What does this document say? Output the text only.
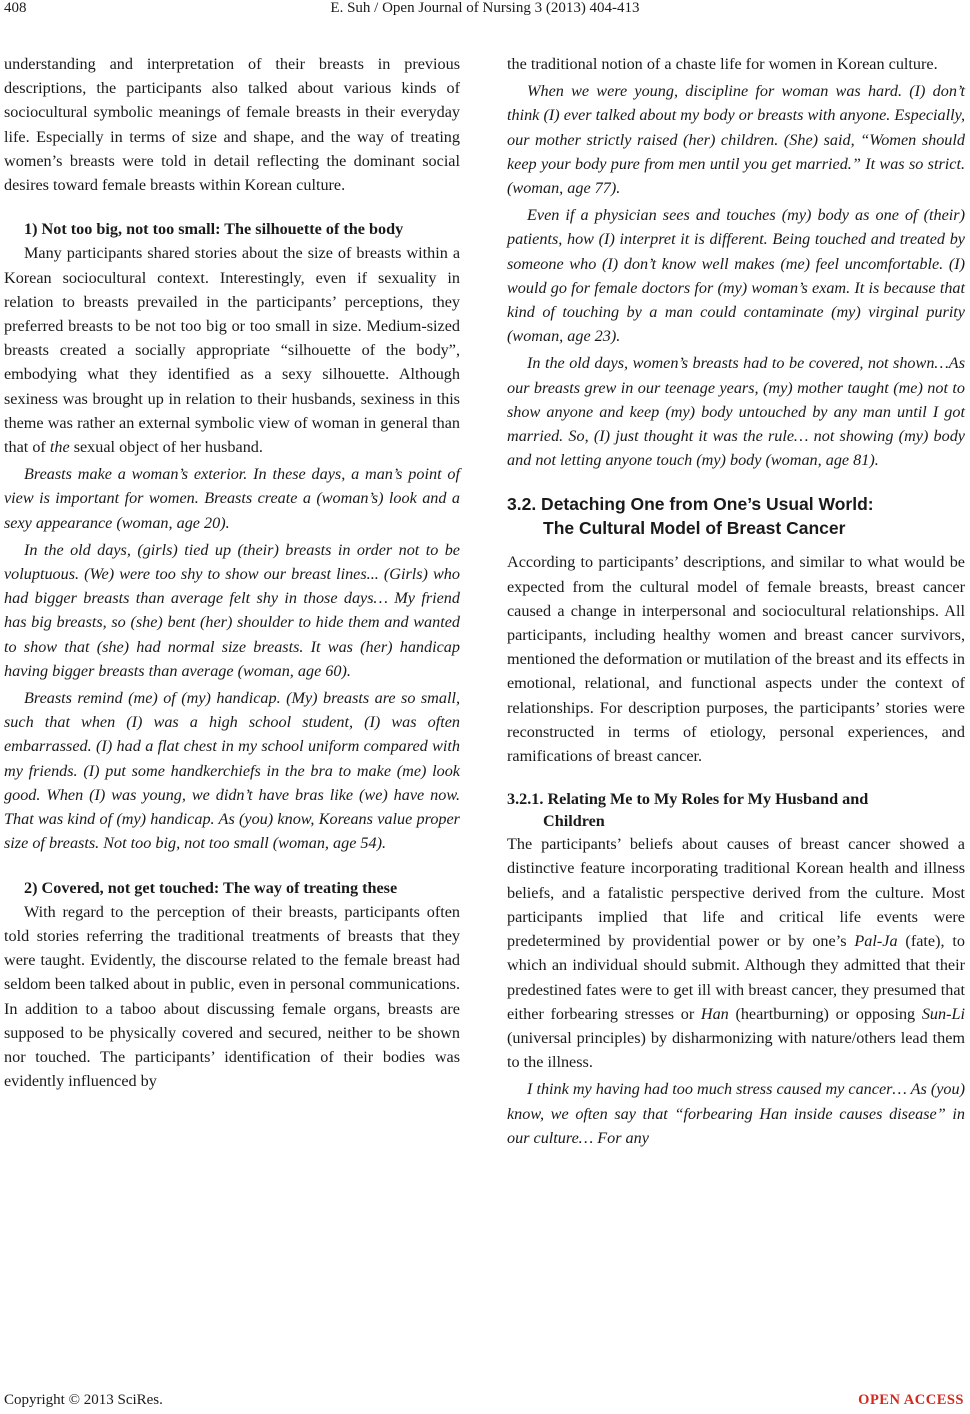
408	E. Suh / Open Journal of Nursing 3 (2013) 404-413

understanding and interpretation of their breasts in previous descriptions, the participants also talked about various kinds of sociocultural symbolic meanings of female breasts in their everyday life. Especially in terms of size and shape, and the way of treating women’s breasts were told in detail reflecting the dominant social desires toward female breasts within Korean culture.

1) Not too big, not too small: The silhouette of the body

Many participants shared stories about the size of breasts within a Korean sociocultural context. Interestingly, even if sexuality in relation to breasts prevailed in the participants’ perceptions, they preferred breasts to be not too big or too small in size. Medium-sized breasts created a socially appropriate “silhouette of the body”, embodying what they identified as a sexy silhouette. Although sexiness was brought up in relation to their husbands, sexiness in this theme was rather an external symbolic view of woman in general than that of the sexual object of her husband.

Breasts make a woman’s exterior. In these days, a man’s point of view is important for women. Breasts create a (woman’s) look and a sexy appearance (woman, age 20).

In the old days, (girls) tied up (their) breasts in order not to be voluptuous. (We) were too shy to show our breast lines... (Girls) who had bigger breasts than average felt shy in those days… My friend has big breasts, so (she) bent (her) shoulder to hide them and wanted to show that (she) had normal size breasts. It was (her) handicap having bigger breasts than average (woman, age 60).

Breasts remind (me) of (my) handicap. (My) breasts are so small, such that when (I) was a high school student, (I) was often embarrassed. (I) had a flat chest in my school uniform compared with my friends. (I) put some handkerchiefs in the bra to make (me) look good. When (I) was young, we didn’t have bras like (we) have now. That was kind of (my) handicap. As (you) know, Koreans value proper size of breasts. Not too big, not too small (woman, age 54).

2) Covered, not get touched: The way of treating these

With regard to the perception of their breasts, participants often told stories referring the traditional treatments of breasts that they were taught. Evidently, the discourse related to the female breast had seldom been talked about in public, even in personal communications. In addition to a taboo about discussing female organs, breasts are supposed to be physically covered and secured, neither to be shown nor touched. The participants’ identification of their bodies was evidently influenced by

the traditional notion of a chaste life for women in Korean culture.

When we were young, discipline for woman was hard. (I) don’t think (I) ever talked about my body or breasts with anyone. Especially, our mother strictly raised (her) children. (She) said, “Women should keep your body pure from men until you get married.” It was so strict. (woman, age 77).

Even if a physician sees and touches (my) body as one of (their) patients, how (I) interpret it is different. Being touched and treated by someone who (I) don’t know well makes (me) feel uncomfortable. (I) would go for female doctors for (my) woman’s exam. It is because that kind of touching by a man could contaminate (my) virginal purity (woman, age 23).

In the old days, women’s breasts had to be covered, not shown…As our breasts grew in our teenage years, (my) mother taught (me) not to show anyone and keep (my) body untouched by any man until I got married. So, (I) just thought it was the rule… not showing (my) body and not letting anyone touch (my) body (woman, age 81).

3.2. Detaching One from One’s Usual World:
The Cultural Model of Breast Cancer

According to participants’ descriptions, and similar to what would be expected from the cultural model of female breasts, breast cancer caused a change in interpersonal and sociocultural relationships. All participants, including healthy women and breast cancer survivors, mentioned the deformation or mutilation of the breast and its effects in emotional, relational, and functional aspects under the context of relationships. For description purposes, the participants’ stories were reconstructed in terms of etiology, personal experiences, and ramifications of breast cancer.

3.2.1. Relating Me to My Roles for My Husband and
Children

The participants’ beliefs about causes of breast cancer showed a distinctive feature incorporating traditional Korean health and illness beliefs, and a fatalistic perspective derived from the culture. Most participants implied that life and critical life events were predetermined by providential power or by one’s Pal-Ja (fate), to which an individual should submit. Although they admitted that their predestined fates were to get ill with breast cancer, they presumed that either forbearing stresses or Han (heartburning) or opposing Sun-Li (universal principles) by disharmonizing with nature/others lead them to the illness.

I think my having had too much stress caused my cancer… As (you) know, we often say that “forbearing Han inside causes disease” in our culture… For any

Copyright © 2013 SciRes.	OPEN ACCESS
